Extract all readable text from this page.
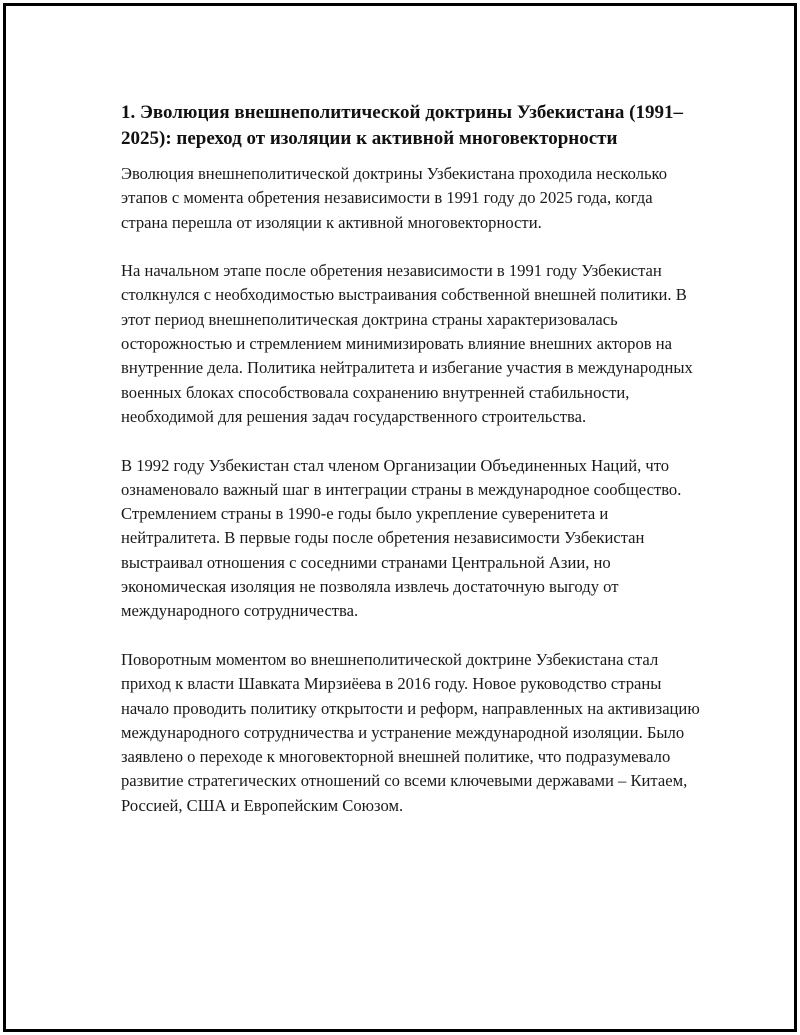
1. Эволюция внешнеполитической доктрины Узбекистана (1991–2025): переход от изоляции к активной многовекторности

Эволюция внешнеполитической доктрины Узбекистана проходила несколько этапов с момента обретения независимости в 1991 году до 2025 года, когда страна перешла от изоляции к активной многовекторности.

На начальном этапе после обретения независимости в 1991 году Узбекистан столкнулся с необходимостью выстраивания собственной внешней политики. В этот период внешнеполитическая доктрина страны характеризовалась осторожностью и стремлением минимизировать влияние внешних акторов на внутренние дела. Политика нейтралитета и избегание участия в международных военных блоках способствовала сохранению внутренней стабильности, необходимой для решения задач государственного строительства.

В 1992 году Узбекистан стал членом Организации Объединенных Наций, что ознаменовало важный шаг в интеграции страны в международное сообщество. Стремлением страны в 1990-е годы было укрепление суверенитета и нейтралитета. В первые годы после обретения независимости Узбекистан выстраивал отношения с соседними странами Центральной Азии, но экономическая изоляция не позволяла извлечь достаточную выгоду от международного сотрудничества.

Поворотным моментом во внешнеполитической доктрине Узбекистана стал приход к власти Шавката Мирзиёева в 2016 году. Новое руководство страны начало проводить политику открытости и реформ, направленных на активизацию международного сотрудничества и устранение международной изоляции. Было заявлено о переходе к многовекторной внешней политике, что подразумевало развитие стратегических отношений со всеми ключевыми державами – Китаем, Россией, США и Европейским Союзом.
